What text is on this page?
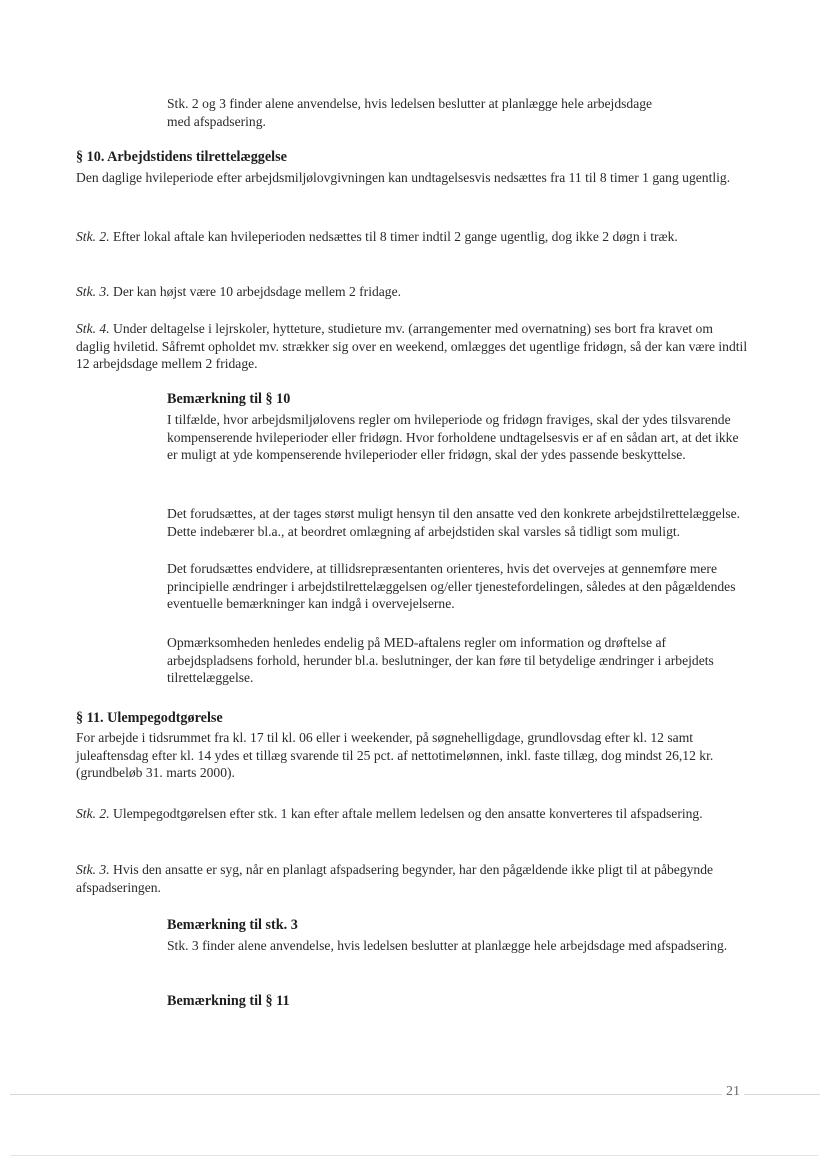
Stk. 2 og 3 finder alene anvendelse, hvis ledelsen beslutter at planlægge hele arbejdsdage
med afspadsering.

§ 10. Arbejdstidens tilrettelæggelse

Den daglige hvileperiode efter arbejdsmiljølovgivningen kan undtagelsesvis nedsættes fra 11 til 8 timer 1 gang ugentlig.

Stk. 2. Efter lokal aftale kan hvileperioden nedsættes til 8 timer indtil 2 gange ugentlig, dog ikke 2 døgn i træk.

Stk. 3. Der kan højst være 10 arbejdsdage mellem 2 fridage.

Stk. 4. Under deltagelse i lejrskoler, hytteture, studieture mv. (arrangementer med overnatning) ses bort fra kravet om daglig hviletid. Såfremt opholdet mv. strækker sig over en weekend, omlægges det ugentlige fridøgn, så der kan være indtil 12 arbejdsdage mellem 2 fridage.

Bemærkning til § 10

I tilfælde, hvor arbejdsmiljølovens regler om hvileperiode og fridøgn fraviges, skal der ydes tilsvarende kompenserende hvileperioder eller fridøgn. Hvor forholdene undtagelsesvis er af en sådan art, at det ikke er muligt at yde kompenserende hvileperioder eller fridøgn, skal der ydes passende beskyttelse.

Det forudsættes, at der tages størst muligt hensyn til den ansatte ved den konkrete arbejdstilrettelæggelse. Dette indebærer bl.a., at beordret omlægning af arbejdstiden skal varsles så tidligt som muligt.

Det forudsættes endvidere, at tillidsrepræsentanten orienteres, hvis det overvejes at gennemføre mere principielle ændringer i arbejdstilrettelæggelsen og/eller tjenestefordelingen, således at den pågældendes eventuelle bemærkninger kan indgå i overvejelserne.

Opmærksomheden henledes endelig på MED-aftalens regler om information og drøftelse af arbejdspladsens forhold, herunder bl.a. beslutninger, der kan føre til betydelige ændringer i arbejdets tilrettelæggelse.

§ 11. Ulempegodtgørelse

For arbejde i tidsrummet fra kl. 17 til kl. 06 eller i weekender, på søgnehelligdage, grundlovsdag efter kl. 12 samt juleaftensdag efter kl. 14 ydes et tillæg svarende til 25 pct. af nettotimelønnen, inkl. faste tillæg, dog mindst 26,12 kr. (grundbeløb 31. marts 2000).

Stk. 2. Ulempegodtgørelsen efter stk. 1 kan efter aftale mellem ledelsen og den ansatte konverteres til afspadsering.

Stk. 3. Hvis den ansatte er syg, når en planlagt afspadsering begynder, har den pågældende ikke pligt til at påbegynde afspadseringen.

Bemærkning til stk. 3

Stk. 3 finder alene anvendelse, hvis ledelsen beslutter at planlægge hele arbejdsdage med afspadsering.

Bemærkning til § 11
21
